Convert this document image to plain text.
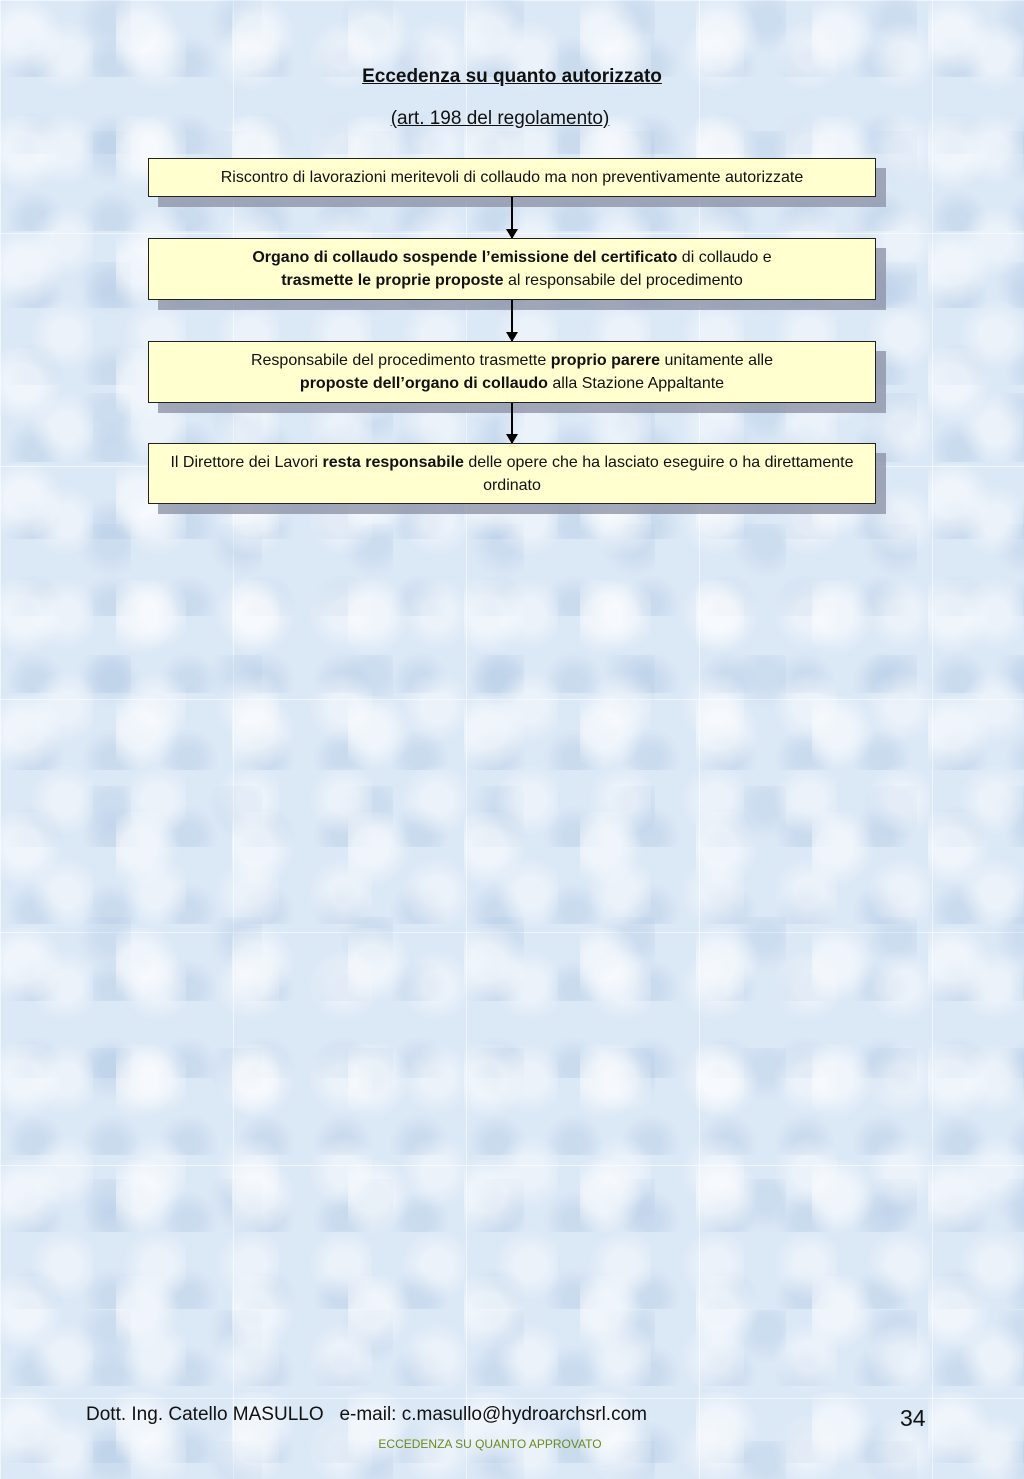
Eccedenza su quanto autorizzato
(art. 198 del regolamento)
Riscontro di lavorazioni meritevoli di collaudo ma non preventivamente autorizzate
Organo di collaudo sospende l’emissione del certificato di collaudo e
trasmette le proprie proposte al responsabile del procedimento
Responsabile del procedimento trasmette proprio parere unitamente alle
proposte dell’organo di collaudo alla Stazione Appaltante
Il Direttore dei Lavori resta responsabile delle opere che ha lasciato eseguire o ha direttamente ordinato
Dott. Ing. Catello MASULLO   e-mail: c.masullo@hydroarchsrl.com	34
ECCEDENZA SU QUANTO APPROVATO
